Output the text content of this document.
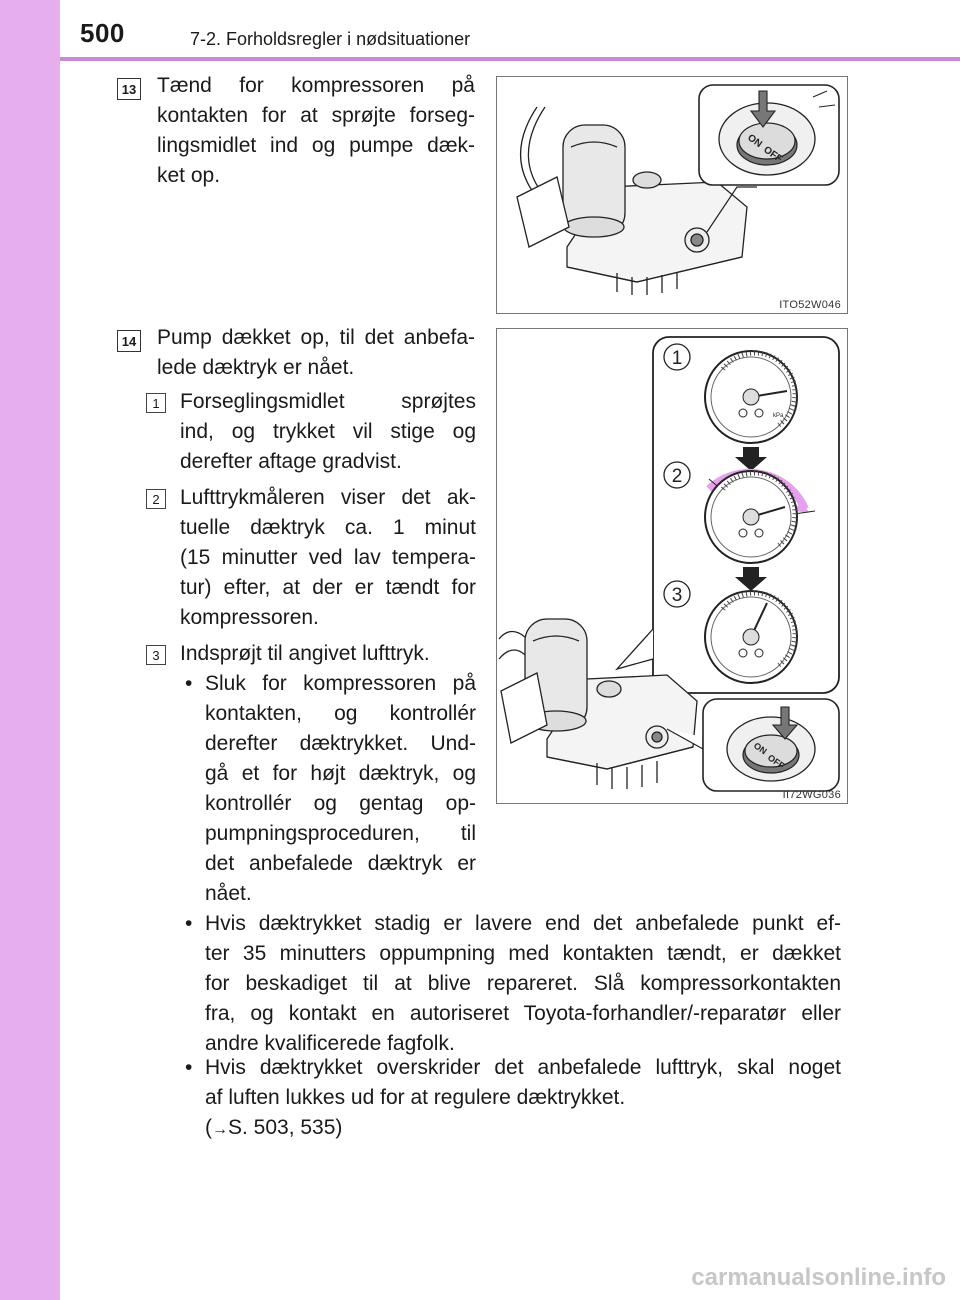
500	7-2. Forholdsregler i nødsituationer
13 Tænd for kompressoren på
kontakten for at sprøjte forseg-
lingsmidlet ind og pumpe dæk-
ket op.
ON
OFF
ITO52W046
14 Pump dækket op, til det anbefa-
lede dæktryk er nået.
1 Forseglingsmidlet sprøjtes
ind, og trykket vil stige og
derefter aftage gradvist.
2 Lufttrykmåleren viser det ak-
tuelle dæktryk ca. 1 minut
(15 minutter ved lav tempera-
tur) efter, at der er tændt for
kompressoren.
3 Indsprøjt til angivet lufttryk.
• Sluk for kompressoren på
kontakten, og kontrollér
derefter dæktrykket. Und-
gå et for højt dæktryk, og
kontrollér og gentag op-
pumpningsproceduren, til
det anbefalede dæktryk er
nået.
• Hvis dæktrykket stadig er lavere end det anbefalede punkt ef-
ter 35 minutters oppumpning med kontakten tændt, er dækket
for beskadiget til at blive repareret. Slå kompressorkontakten
fra, og kontakt en autoriseret Toyota-forhandler/-reparatør eller
andre kvalificerede fagfolk.
• Hvis dæktrykket overskrider det anbefalede lufttryk, skal noget
af luften lukkes ud for at regulere dæktrykket.
(→S. 503, 535)
1
2
3
kPa
ON
OFF
II72WG036
carmanualsonline.info
